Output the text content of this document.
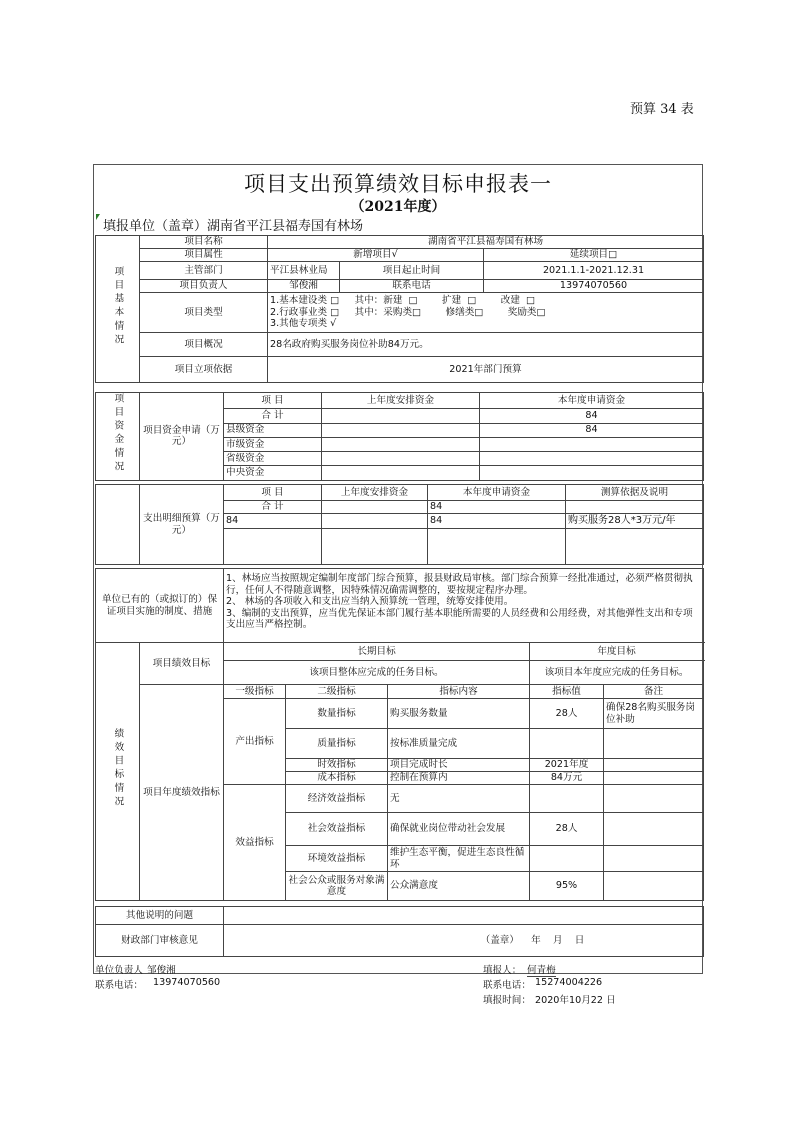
预算 34 表
项目支出预算绩效目标申报表一
（2021年度）
填报单位（盖章）湖南省平江县福寿国有林场
项目基本情况	项目名称	湖南省平江县福寿国有林场		
	项目属性	新增项目√		延续项目□
	主管部门	平江县林业局	项目起止时间	2021.1.1-2021.12.31
	项目负责人	邹俊湘	联系电话	13974070560
	项目类型	1.基本建设类 □     其中：新建  □        扩建  □        改建  □
2.行政事业类 □     其中：采购类□        修缮类□        奖励类□
3.其他专项类 √		

	项目概况	28名政府购买服务岗位补助84万元。		
	项目立项依据	2021年部门预算		
项目资金情况	项目资金申请（万元）	项 目	上年度安排资金	本年度申请资金
		合 计		84
		县级资金		84
		市级资金		
		省级资金		
		中央资金		
	支出明细预算（万元）	项 目	上年度安排资金	本年度申请资金	测算依据及说明
		合 计		84	
		84		84	购买服务28人*3万元/年

单位已有的（或拟订的）保证项目实施的制度、措施	1、林场应当按照规定编制年度部门综合预算，报县财政局审核。部门综合预算一经批准通过，必须严格贯彻执行，任何人不得随意调整，因特殊情况确需调整的，要按规定程序办理。
2、 林场的各项收入和支出应当纳入预算统一管理，统筹安排使用。
3、编制的支出预算，应当优先保证本部门履行基本职能所需要的人员经费和公用经费，对其他弹性支出和专项支出应当严格控制。
绩效目标情况	项目绩效目标	长期目标			年度目标	
		该项目整体应完成的任务目标。			该项目本年度应完成的任务目标。	
	项目年度绩效指标	一级指标	二级指标	指标内容	指标值	备注
		产出指标	数量指标	购买服务数量	28人	确保28名购买服务岗位补助
			质量指标	按标准质量完成		
			时效指标	项目完成时长	2021年度	
			成本指标	控制在预算内	84万元	
		效益指标	经济效益指标	无		
			社会效益指标	确保就业岗位带动社会发展	28人	
			环境效益指标	维护生态平衡，促进生态良性循环		
			社会公众或服务对象满意度	公众满意度	95%	
其他说明的问题	
财政部门审核意见	（盖章）    年    月    日
单位负责人 邹俊湘	填报人： 何青梅
联系电话： 13974070560	联系电话： 15274004226
填报时间： 2020年10月22 日
